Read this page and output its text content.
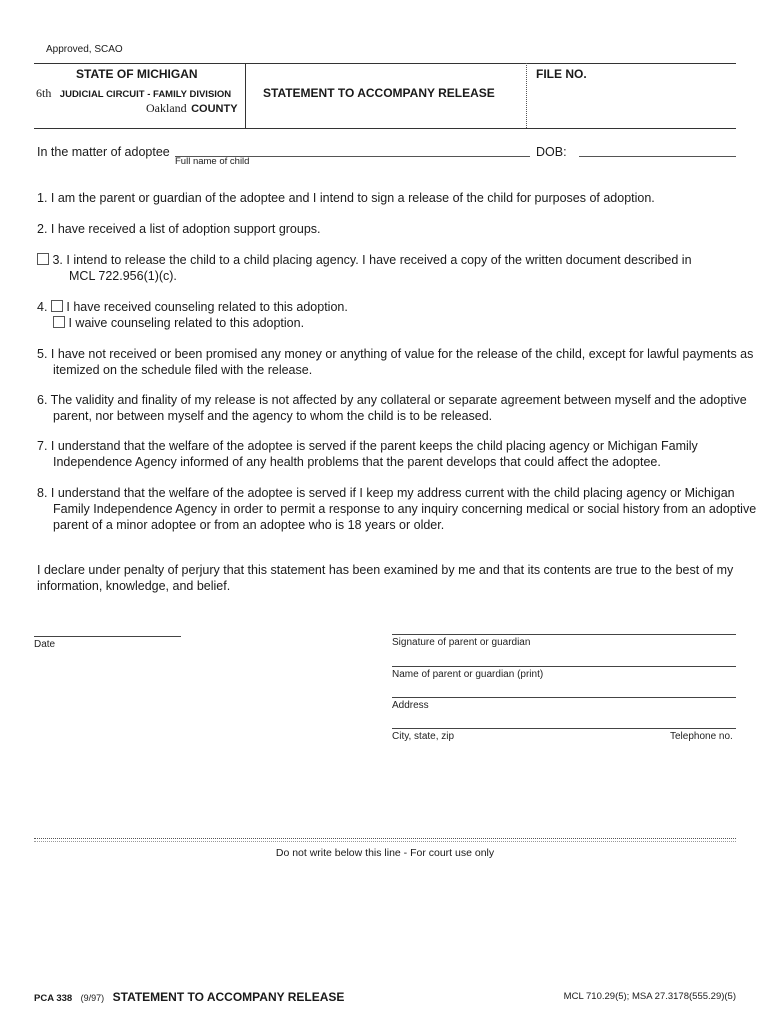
Approved, SCAO
STATE OF MICHIGAN
6th JUDICIAL CIRCUIT - FAMILY DIVISION
Oakland COUNTY
STATEMENT TO ACCOMPANY RELEASE
FILE NO.
In the matter of adoptee
Full name of child
DOB:
1. I am the parent or guardian of the adoptee and I intend to sign a release of the child for purposes of adoption.
2. I have received a list of adoption support groups.
3. I intend to release the child to a child placing agency. I have received a copy of the written document described in
MCL 722.956(1)(c).
4. I have received counseling related to this adoption.
I waive counseling related to this adoption.
5. I have not received or been promised any money or anything of value for the release of the child, except for lawful payments as itemized on the schedule filed with the release.
6. The validity and finality of my release is not affected by any collateral or separate agreement between myself and the adoptive parent, nor between myself and the agency to whom the child is to be released.
7. I understand that the welfare of the adoptee is served if the parent keeps the child placing agency or Michigan Family Independence Agency informed of any health problems that the parent develops that could affect the adoptee.
8. I understand that the welfare of the adoptee is served if I keep my address current with the child placing agency or Michigan Family Independence Agency in order to permit a response to any inquiry concerning medical or social history from an adoptive parent of a minor adoptee or from an adoptee who is 18 years or older.
I declare under penalty of perjury that this statement has been examined by me and that its contents are true to the best of my information, knowledge, and belief.
Date	Signature of parent or guardian
Name of parent or guardian (print)
Address
City, state, zip	Telephone no.
Do not write below this line - For court use only
PCA 338 (9/97) STATEMENT TO ACCOMPANY RELEASE	MCL 710.29(5); MSA 27.3178(555.29)(5)
